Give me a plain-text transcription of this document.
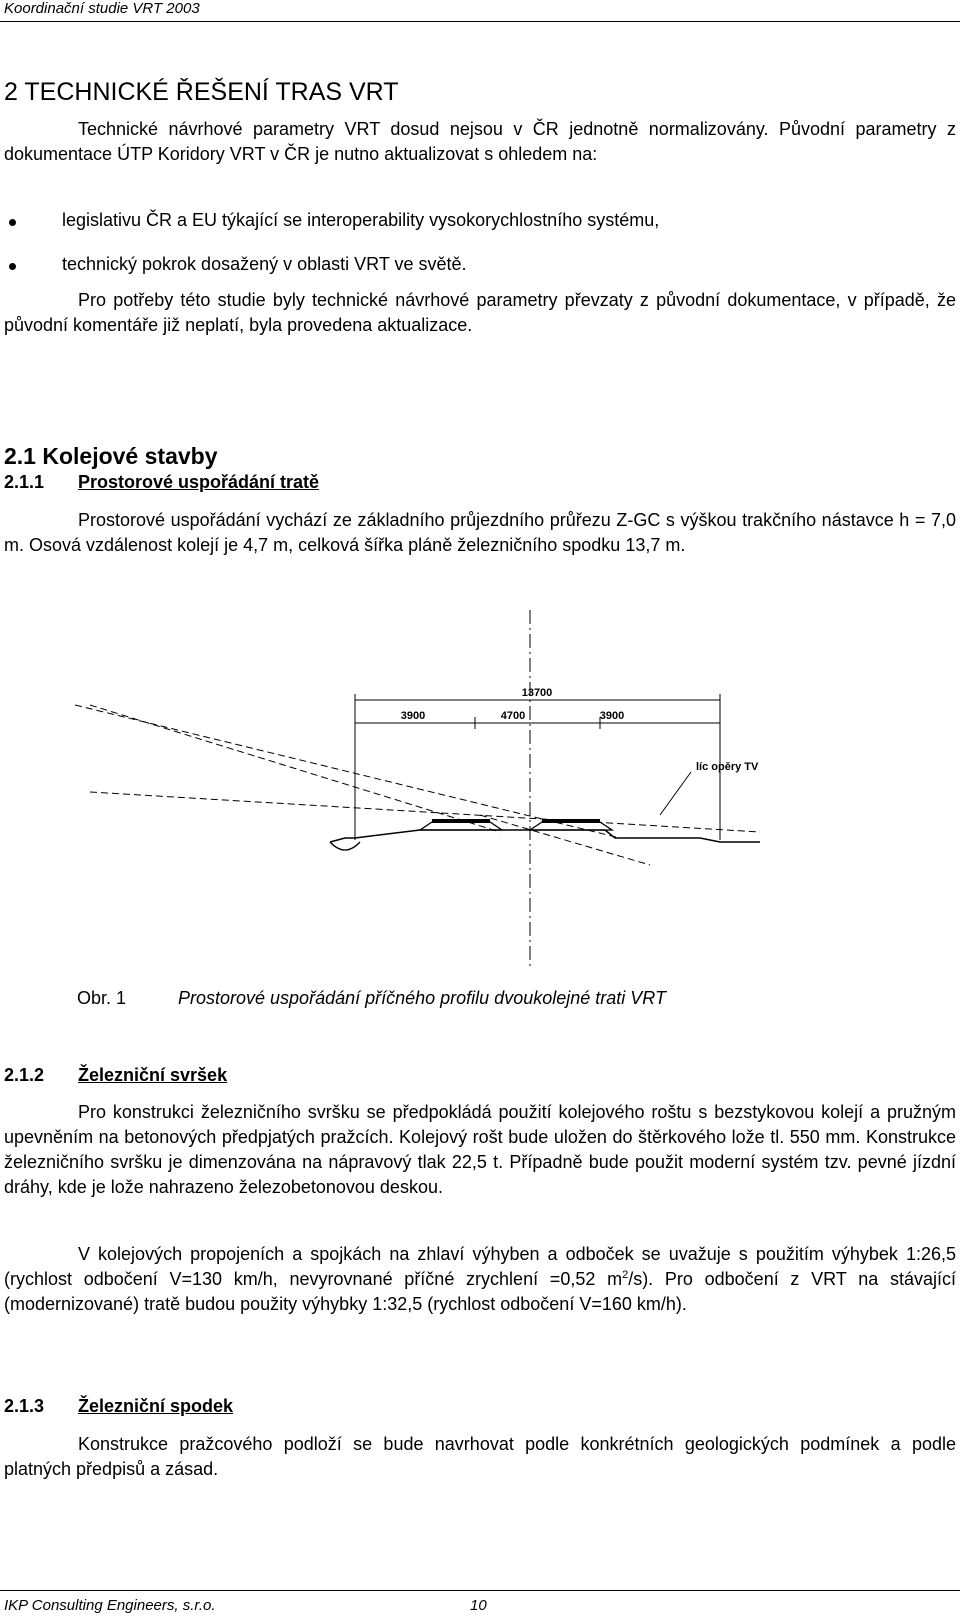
Koordinační studie VRT 2003
2 TECHNICKÉ ŘEŠENÍ TRAS VRT

Technické návrhové parametry VRT dosud nejsou v ČR jednotně normalizovány. Původní parametry z dokumentace ÚTP Koridory VRT v ČR je nutno aktualizovat s ohledem na:

legislativu ČR a EU týkající se interoperability vysokorychlostního systému,
technický pokrok dosažený v oblasti VRT ve světě.

Pro potřeby této studie byly technické návrhové parametry převzaty z původní dokumentace, v případě, že původní komentáře již neplatí, byla provedena aktualizace.

2.1 Kolejové stavby
2.1.1 Prostorové uspořádání tratě

Prostorové uspořádání vychází ze základního průjezdního průřezu Z-GC s výškou trakčního nástavce h = 7,0 m. Osová vzdálenost kolejí je 4,7 m, celková šířka pláně železničního spodku 13,7 m.

13700
3900	4700	3900
líc opěry TV
Obr. 1	Prostorové uspořádání příčného profilu dvoukolejné trati VRT
2.1.2 Železniční svršek

Pro konstrukci železničního svršku se předpokládá použití kolejového roštu s bezstykovou kolejí a pružným upevněním na betonových předpjatých pražcích. Kolejový rošt bude uložen do štěrkového lože tl. 550 mm. Konstrukce železničního svršku je dimenzována na nápravový tlak 22,5 t. Případně bude použit moderní systém tzv. pevné jízdní dráhy, kde je lože nahrazeno železobetonovou deskou.

V kolejových propojeních a spojkách na zhlaví výhyben a odboček se uvažuje s použitím výhybek 1:26,5 (rychlost odbočení V=130 km/h, nevyrovnané příčné zrychlení =0,52 $m^2/s$). Pro odbočení z VRT na stávající (modernizované) tratě budou použity výhybky 1:32,5 (rychlost odbočení V=160 km/h).

2.1.3 Železniční spodek

Konstrukce pražcového podloží se bude navrhovat podle konkrétních geologických podmínek a podle platných předpisů a zásad.

IKP Consulting Engineers, s.r.o.	10
